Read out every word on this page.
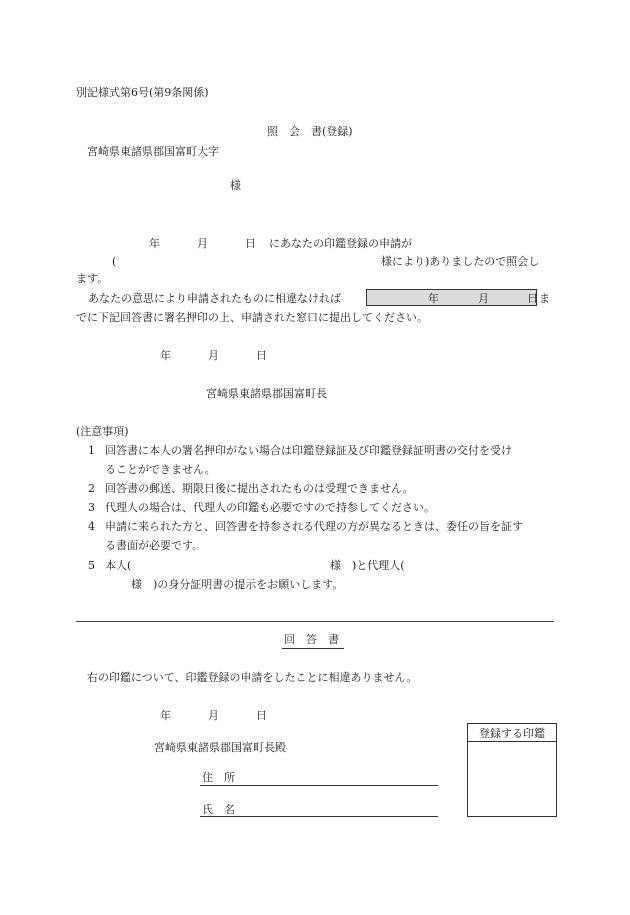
別記様式第6号(第9条関係)
照　会　書(登録)
宮崎県東諸県郡国富町大字
様
年	月	日 にあなたの印鑑登録の申請が
(	様により)ありましたので照会し
ます。
あなたの意思により申請されたものに相違なければ	年	月	日 ま
でに下記回答書に署名押印の上、申請された窓口に提出してください。
年	月	日
宮崎県東諸県郡国富町長
(注意事項)
1 回答書に本人の署名押印がない場合は印鑑登録証及び印鑑登録証明書の交付を受け
ることができません。
2 回答書の郵送、期限日後に提出されたものは受理できません。
3 代理人の場合は、代理人の印鑑も必要ですので持参してください。
4 申請に来られた方と、回答書を持参される代理の方が異なるときは、委任の旨を証す
る書面が必要です。
5 本人(	様　)と代理人(
様　)の身分証明書の提示をお願いします。
回　答　書
右の印鑑について、印鑑登録の申請をしたことに相違ありません。
年	月	日
宮崎県東諸県郡国富町長殿
住　所
氏　名
登録する印鑑
